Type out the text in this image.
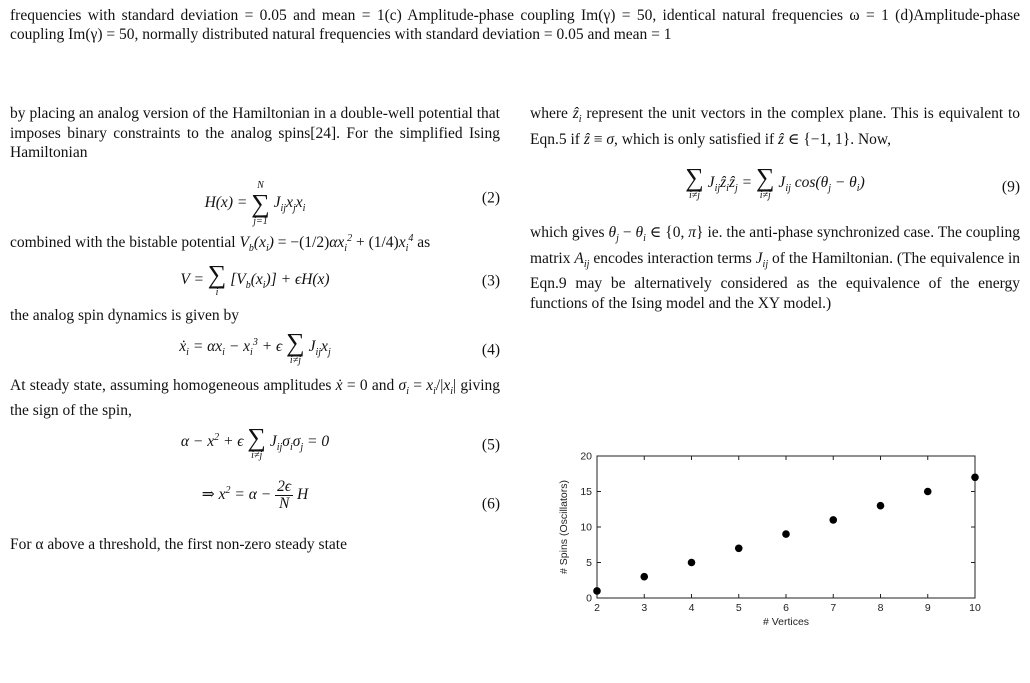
frequencies with standard deviation = 0.05 and mean = 1(c) Amplitude-phase coupling Im(γ) = 50, identical natural frequencies ω = 1 (d)Amplitude-phase coupling Im(γ) = 50, normally distributed natural frequencies with standard deviation = 0.05 and mean = 1

by placing an analog version of the Hamiltonian in a double-well potential that imposes binary constraints to the analog spins[24]. For the simplified Ising Hamiltonian

H(x) =
N
∑
j=1
$J_{ij}x_jx_i$
(2)

combined with the bistable potential $V_b(x_i) = -(1/2)\alpha x_i^2 + (1/4)x_i^4$ as

V = ∑
i
$[V_b(x_i)] + \epsilon H(x)$	(3)

the analog spin dynamics is given by

ẋ$_i$ = $\alpha x_i - x_i^3 + \epsilon$ ∑
i≠j
$J_{ij}x_j$	(4)

At steady state, assuming homogeneous amplitudes ẋ = 0 and $\sigma_i = x_i/|x_i|$ giving the sign of the spin,

$\alpha - x^2 + \epsilon$ ∑
i≠j
$J_{ij}\sigma_i\sigma_j = 0$	(5)
⇒ $x^2 = \alpha - \frac{2\epsilon}{N}$ H
(6)

For α above a threshold, the first non-zero steady state

where ẑ$_i$ represent the unit vectors in the complex plane. This is equivalent to Eqn.5 if ẑ ≡ σ, which is only satisfied if ẑ ∈ {−1, 1}. Now,

∑
i≠j
$J_{ij}ẑ_iẑ_j$ = ∑
i≠j
$J_{ij}$ $\cos(\theta_j - \theta_i)$	(9)

which gives $\theta_j - \theta_i$ ∈ {0, π} ie. the anti-phase synchronized case. The coupling matrix $A_{ij}$ encodes interaction terms $J_{ij}$ of the Hamiltonian. (The equivalence in Eqn.9 may be alternatively considered as the equivalence of the energy functions of the Ising model and the XY model.)

2	3	4	5	6	7	8	9	10
0
5
10
15
20
# Vertices
# Spins (Oscillators)
